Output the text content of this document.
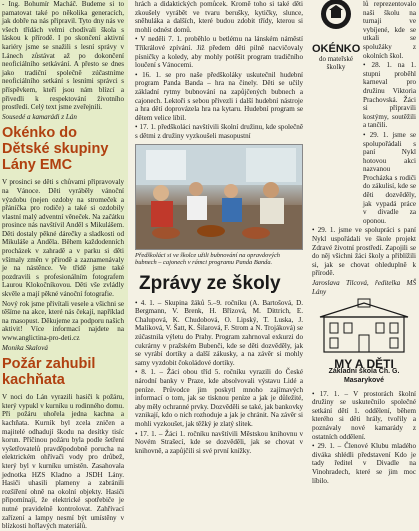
- Ing. Bohumír Macháč. Budeme si to pamatovat také po několika generacích, jak dobře na nás připravil. Tyto dny nás ve všech třídách velmi chodívali škola s láskou k přírodě. I po skončení aktivní kariéry jsme se snažili s lesní správy v Lánech zůstávat až po dokončení neoficiálního setkávání. A přesto se dnes jako tradiční společně zúčastníme neoficiálního setkání s lesními správci s příspěvkem, kteří jsou nám blízcí a přivedli k respektování životního prostředí. Celý text jsme zveřejnili.

Sousedé a kamarádi z Lán

Okénko do Dětské skupiny Lány EMC

V prosinci se děti s chůvami připravovaly na Vánoce. Děti vyráběly vánoční výzdobu (nejen ozdoby na stromeček a přáníčka pro rodiče) a také si ozdobily vlastní malý adventní věneček. Na začátku prosince nás navštívil Anděl s Mikulášem. Děti dostaly pěkné dárečky a sladkosti od Mikuláše a Anděla. Během každodenních procházek v zahradě a v parku si děti všímaly změn v přírodě a zaznamenávaly je na nástěnce. Ve třídě jsme také pozdravili s profesionálním fotografem Laurou Klokočníkovou. Děti vše zvládly skvěle a mají pěkné vánoční fotografie.

Nový rok jsme přivítali vesele a všichni se těšíme na akce, které nás čekají, například na masopust. Děkujeme za podporu našich aktivit! Více informací najdete na www.anglictina-pro-deti.cz

Monika Skalová

Požár zahubil kachňata

V noci do Lán vyrazili hasiči k požáru, který vypukl v kurníku u rodinného domu. Při požáru uhořela jedna kachna a kachňata. Kurník byl zcela zničen a majitelé odhadují škodu na desítky tisíc korun. Příčinou požáru byla podle šetření vyšetřovatelů pravděpodobně porucha na elektrickém ohřívači vody pro drůbež, který byl v kurníku umístěn. Zasahovala jednotka HZS Kladno a JSDH Lány. Hasiči uhasili plameny a zabránili rozšíření ohně na okolní objekty. Hasiči připomínají, že elektrické spotřebiče je nutné pravidelně kontrolovat. Zahřívací zařízení a lampy nesmí být umístěny v blízkosti hořlavých materiálů.

hrách a didaktických pomůcek. Kromě toho si také děti zkoušely vyrábět ve tvaru berušky, kytičky, slunce, sněhuláka a dalších, které budou zdobit třídy, kterou si mohli odnést domů.

• V neděli 7. 1. proběhlo u betlému na lánském náměstí Tříkrálové zpívání. Již předem děti pilně nacvičovaly písničky a koledy, aby mohly potěšit program tradičního loučení s Vánocemi.

• 16. 1. se pro naše předškoláky uskutečnil hudební program Panda Banda – hra na činely. Děti se učily základní rytmy bubnování na zapůjčených bubnech a cajonech. Lektoři s sebou přivezli i další hudební nástroje a hra dětí doprovázela hra na kytaru. Hudební program se dětem velice líbil.

• 17. 1. předškoláci navštívili školní družinu, kde společně s dětmi z družiny vyzkoušeli masopustní

Předškoláci si ve školce užili bubnování na opravdových bubnech – cajonech v rámci programu Panda Banda.
Zprávy ze školy

• 4. 1. – Skupina žáků 5.–9. ročníku (A. Bartošová, D. Bergmann, V. Brenk, H. Břízová, M. Dittrich, E. Chalupová, K. Chudobová, O. Lipský, T. Luska, J. Malíková, V. Šatt, K. Šilarová, F. Strom a N. Trojáková) se zúčastnila výletu do Prahy. Program zahrnoval exkurzi do cukrárny v pražském Bubenči, kde se děti dozvěděly, jak se vyrábí dortíky a další zákusky, a na závěr si mohly samy vyzdobit čokoládové dortíky.

• 8. 1. – Žáci obou tříd 5. ročníku vyrazili do České národní banky v Praze, kde absolvovali výstavu Lidé a peníze. Průvodce jim poskytl mnoho zajímavých informací o tom, jak se tisknou peníze a jak je důležité, aby měly ochranné prvky. Dozvěděli se také, jak bankovky vznikají, kdo o nich rozhoduje a jak je chránit. Na závěr si mohli vyzkoušet, jak těžký je zlatý slitek.

• 17. 1. – Žáci 1. ročníku navštívili Městskou knihovnu v Novém Strašecí, kde se dozvěděli, jak se chovat v knihovně, a zapůjčili si své první knížky.

OKÉNKO
do mateřské školky

lů reprezentovalo naši školu na turnaji ve vybíjené, kde se utkali se spolužáky z okolních škol.

• 28. 1. na 1. stupni proběhl karneval pro družinu Viktoria Prachovská. Žáci si připravili kostýmy, soutěžili a tančili.

• 29. 1. jsme se spolupořádali s paní Nykl hotovou akci nazvanou Procházka s rodiči do zákulisí, kde se děti dozvěděly, jak vypadá práce v divadle za oponou.

• 29. 1. jsme ve spolupráci s paní Nykl uspořádali ve škole projekt Zdravé životní prostředí. Zapojili se do něj všichni žáci školy a přiblížili si, jak se chovat ohleduplně k přírodě.

Jaroslava Tilcová, ředitelka MŠ Lány

MY A DĚTI
Základní škola Ch. G. Masarykové

• 17. 1. – V prostorách školní družiny se uskutečnilo společné setkání dětí 1. oddělení, během kterého si děti hrály, tvořily a poznávaly nové kamarády z ostatních oddělení.

• 29. 1. – Členové Klubu mladého diváka shlédli představení Kdo je tady ředitel v Divadle na Vinohradech, které se jim moc líbilo.
